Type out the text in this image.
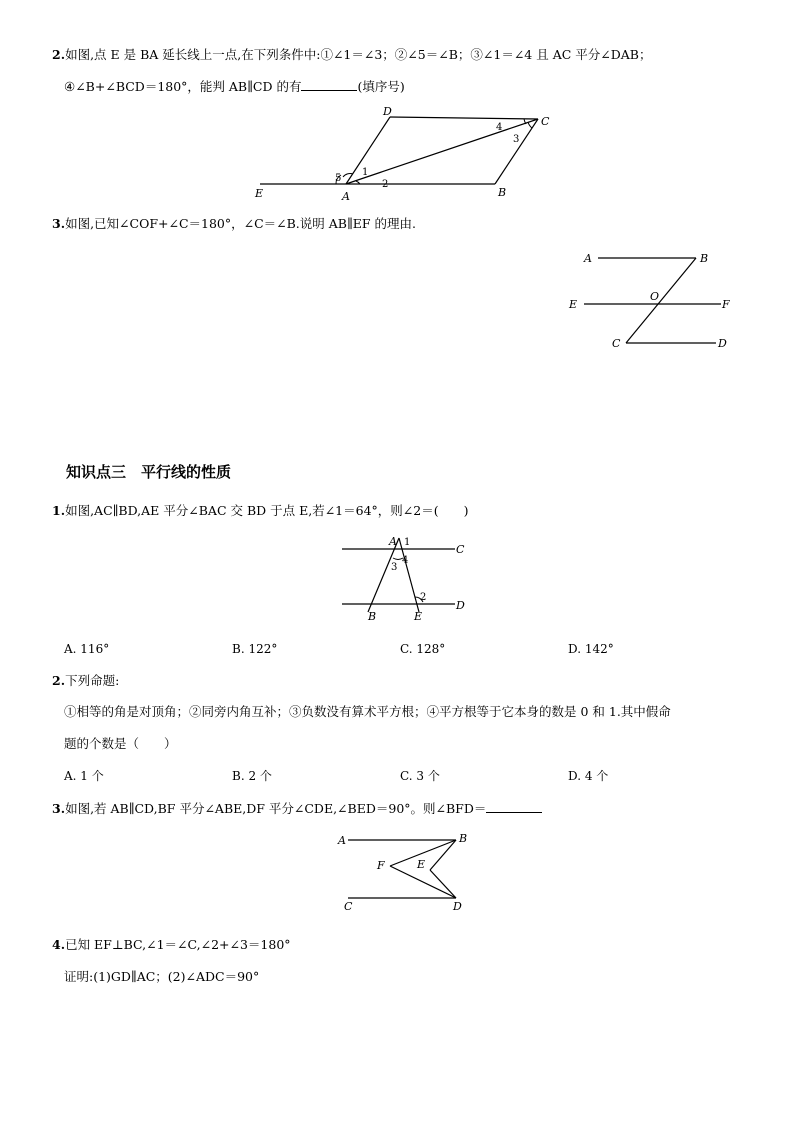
2.如图,点 E 是 BA 延长线上一点,在下列条件中:①∠1＝∠3；②∠5＝∠B；③∠1＝∠4 且 AC 平分∠DAB；
④∠B+∠BCD＝180°，能判 AB∥CD 的有	(填序号)
D
C
E	A	B
1
2
3
4
5
3.如图,已知∠COF+∠C＝180°，∠C＝∠B.说明 AB∥EF 的理由.
A	B
E
O
F
C	D
知识点三　平行线的性质
1.如图,AC∥BD,AE 平分∠BAC 交 BD 于点 E,若∠1＝64°，则∠2＝(　　)
A
C
B	E
D
1
2
3
4
A. 116°	B. 122°	C. 128°	D. 142°
2.下列命题:
①相等的角是对顶角；②同旁内角互补；③负数没有算术平方根；④平方根等于它本身的数是 0 和 1.其中假命
题的个数是（　　）
A. 1 个	B. 2 个	C. 3 个	D. 4 个
3.如图,若 AB∥CD,BF 平分∠ABE,DF 平分∠CDE,∠BED＝90°。则∠BFD＝
A	B
F	E
C	D
4.已知 EF⊥BC,∠1＝∠C,∠2+∠3＝180°
证明:(1)GD∥AC；(2)∠ADC＝90°
